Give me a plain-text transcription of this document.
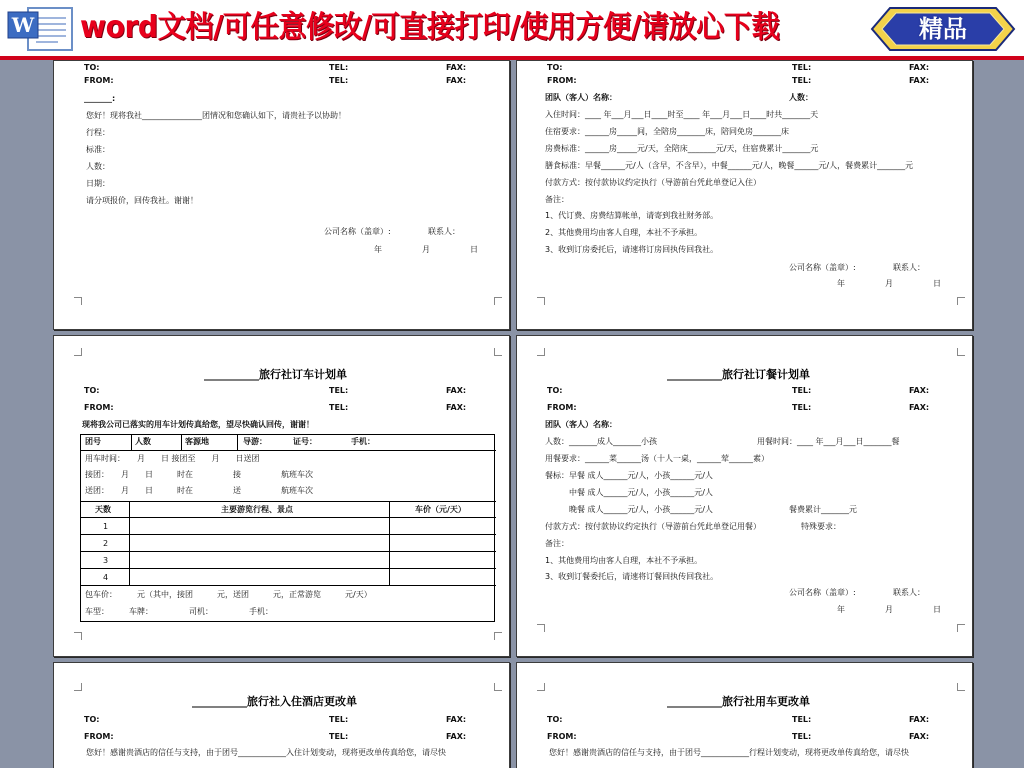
W word文档/可任意修改/可直接打印/使用方便/请放心下载	精品
TO:	TEL:	FAX:
FROM:	TEL:	FAX:
_______:
您好！现将我社_______________团情况和您确认如下，请贵社予以协助！
行程：
标准：
人数：
日期：
请分项报价，回传我社。谢谢！
公司名称（盖章）:	联系人：
年　　　　　月　　　　　日
TO:	TEL:	FAX:
FROM:	TEL:	FAX:
团队（客人）名称：	人数：
入住时间：____ 年___月___日____时至____ 年___月___日____时共_______天
住宿要求：______房_____间，全陪房_______床，陪同免房_______床
房费标准：______房_____元/天，全陪床_______元/天，住宿费累计_______元
膳食标准：早餐______元/人（含早，不含早），中餐______元/人，晚餐______元/人，餐费累计_______元
付款方式：按付款协议约定执行（导游前台凭此单登记入住）
备注：
1、代订费、房费结算帐单，请寄到我社财务部。
2、其他费用均由客人自理，本社不予承担。
3、收到订房委托后，请速将订房回执传回我社。
公司名称（盖章）:	联系人：
年　　　　　月　　　　　日
__________旅行社订车计划单
TO:	TEL:	FAX:
FROM:	TEL:	FAX:
现将我公司已落实的用车计划传真给您，望尽快确认回传，谢谢！
团号	人数	客源地	导游：	证号：	手机：
用车时间：　　月　　日 接团至　　月　　日送团
接团：　　月　　日　　　时在　　　　　接　　　　　航班车次
送团：　　月　　日　　　时在　　　　　送　　　　　航班车次
天数	主要游览行程、景点	车价（元/天）
1
2
3
4
包车价：　　　元（其中，接团　　　元，送团　　　元，正常游览　　　元/天）
车型：　　　车牌：　　　　　司机：　　　　　手机：
__________旅行社订餐计划单
TO:	TEL:	FAX:
FROM:	TEL:	FAX:
团队（客人）名称：
人数：_______成人_______小孩	用餐时间：____ 年___月___日_______餐
用餐要求：______菜______汤（十人一桌，______荤______素）
餐标： 早餐 成人______元/人，小孩______元/人
中餐 成人______元/人，小孩______元/人
晚餐 成人______元/人，小孩______元/人	餐费累计_______元
付款方式：按付款协议约定执行（导游前台凭此单登记用餐）	特殊要求：
备注：
1、其他费用均由客人自理，本社不予承担。
3、收到订餐委托后，请速将订餐回执传回我社。
公司名称（盖章）:	联系人：
年　　　　　月　　　　　日
__________旅行社入住酒店更改单
TO:	TEL:	FAX:
FROM:	TEL:	FAX:
您好！感谢贵酒店的信任与支持，由于团号____________入住计划变动，现将更改单传真给您，请尽快
__________旅行社用车更改单
TO:	TEL:	FAX:
FROM:	TEL:	FAX:
您好！感谢贵酒店的信任与支持，由于团号____________行程计划变动，现将更改单传真给您，请尽快
